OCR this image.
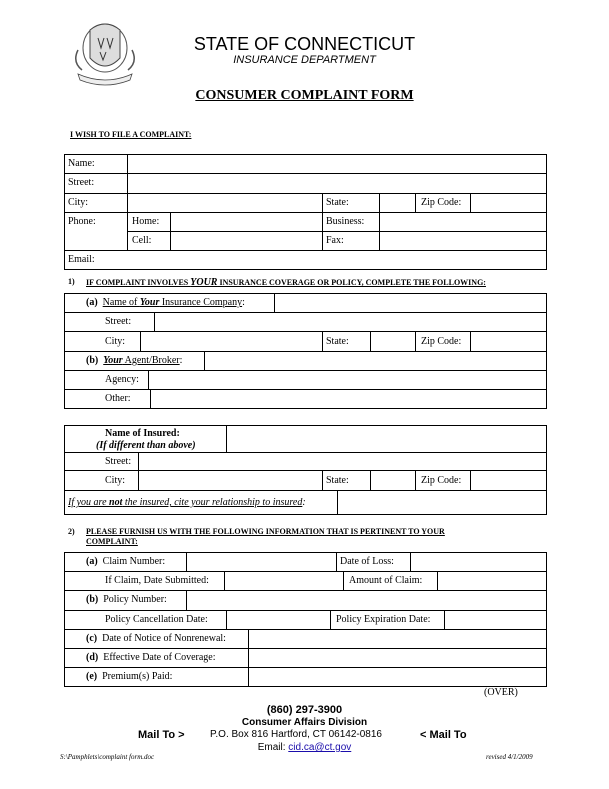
STATE OF CONNECTICUT
INSURANCE DEPARTMENT
CONSUMER COMPLAINT FORM
I WISH TO FILE A COMPLAINT:
Name:
Street:
City:	State:	Zip Code:
Phone:	Home:	Business:
Cell:	Fax:
Email:
1) IF COMPLAINT INVOLVES YOUR INSURANCE COVERAGE OR POLICY, COMPLETE THE FOLLOWING:
(a) Name of Your Insurance Company:
Street:
City:	State:	Zip Code:
(b) Your Agent/Broker:
Agency:
Other:
Name of Insured:
(If different than above)
Street:
City:	State:	Zip Code:
If you are not the insured, cite your relationship to insured:
2) PLEASE FURNISH US WITH THE FOLLOWING INFORMATION THAT IS PERTINENT TO YOUR
COMPLAINT:
(a) Claim Number:	Date of Loss:
If Claim, Date Submitted:	Amount of Claim:
(b) Policy Number:
Policy Cancellation Date:	Policy Expiration Date:
(c) Date of Notice of Nonrenewal:
(d) Effective Date of Coverage:
(e) Premium(s) Paid:
(OVER)
(860) 297-3900
Consumer Affairs Division
Mail To >	P.O. Box 816 Hartford, CT 06142-0816	< Mail To
Email: cid.ca@ct.gov
S:\Pamphlets\complaint form.doc	revised 4/1/2009
